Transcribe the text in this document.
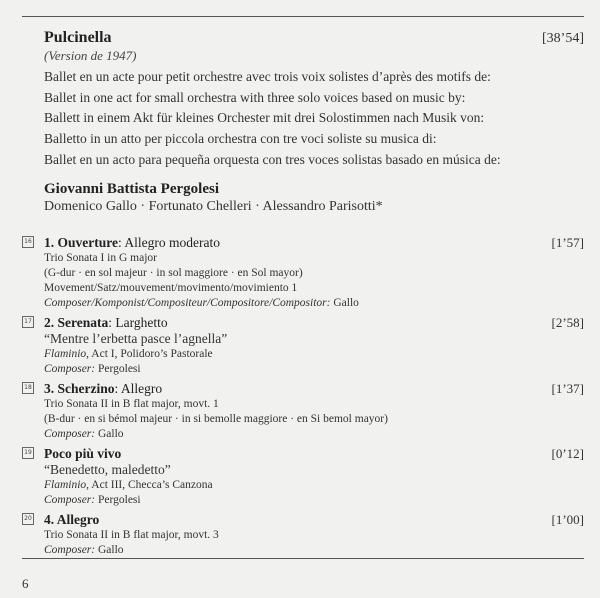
Pulcinella	[38’54]
(Version de 1947)
Ballet en un acte pour petit orchestre avec trois voix solistes d’après des motifs de:
Ballet in one act for small orchestra with three solo voices based on music by:
Ballett in einem Akt für kleines Orchester mit drei Solostimmen nach Musik von:
Balletto in un atto per piccola orchestra con tre voci soliste su musica di:
Ballet en un acto para pequeña orquesta con tres voces solistas basado en música de:
Giovanni Battista Pergolesi
Domenico Gallo · Fortunato Chelleri · Alessandro Parisotti*
16 1. Ouverture: Allegro moderato	[1’57]
Trio Sonata I in G major
(G-dur · en sol majeur · in sol maggiore · en Sol mayor)
Movement/Satz/mouvement/movimento/movimiento 1
Composer/Komponist/Compositeur/Compositore/Compositor: Gallo
17 2. Serenata: Larghetto	[2’58]
“Mentre l’erbetta pasce l’agnella”
Flaminio, Act I, Polidoro’s Pastorale
Composer: Pergolesi
18 3. Scherzino: Allegro	[1’37]
Trio Sonata II in B flat major, movt. 1
(B-dur · en si bémol majeur · in si bemolle maggiore · en Si bemol mayor)
Composer: Gallo
19 Poco più vivo	[0’12]
“Benedetto, maledetto”
Flaminio, Act III, Checca’s Canzona
Composer: Pergolesi
20 4. Allegro	[1’00]
Trio Sonata II in B flat major, movt. 3
Composer: Gallo
6
